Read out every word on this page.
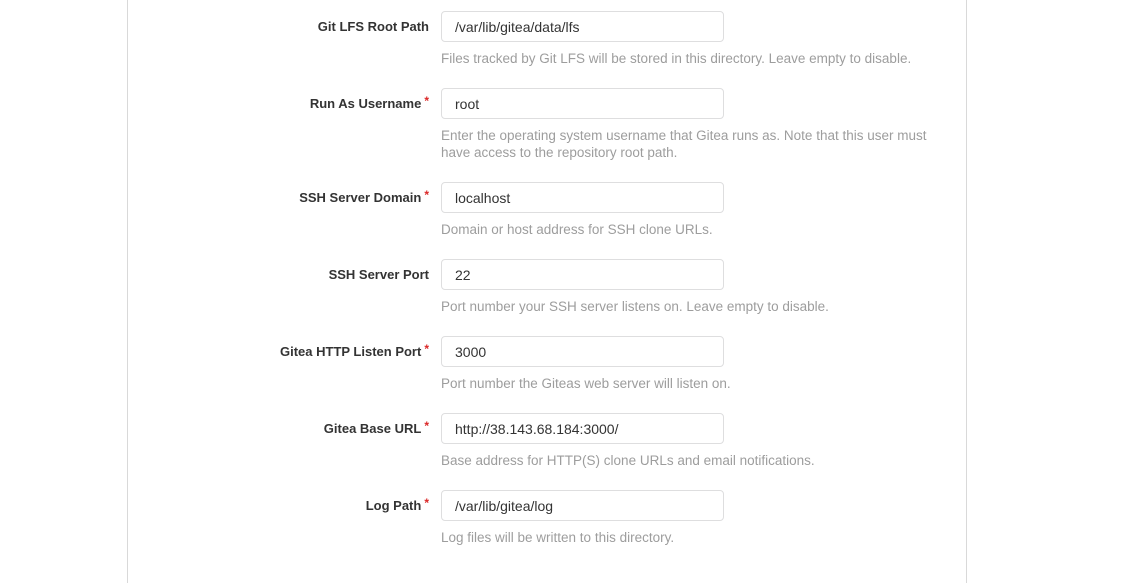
Git LFS Root Path
/var/lib/gitea/data/lfs
Files tracked by Git LFS will be stored in this directory. Leave empty to disable.
Run As Username *
root
Enter the operating system username that Gitea runs as. Note that this user must have access to the repository root path.
SSH Server Domain *
localhost
Domain or host address for SSH clone URLs.
SSH Server Port
22
Port number your SSH server listens on. Leave empty to disable.
Gitea HTTP Listen Port *
3000
Port number the Giteas web server will listen on.
Gitea Base URL *
http://38.143.68.184:3000/
Base address for HTTP(S) clone URLs and email notifications.
Log Path *
/var/lib/gitea/log
Log files will be written to this directory.
